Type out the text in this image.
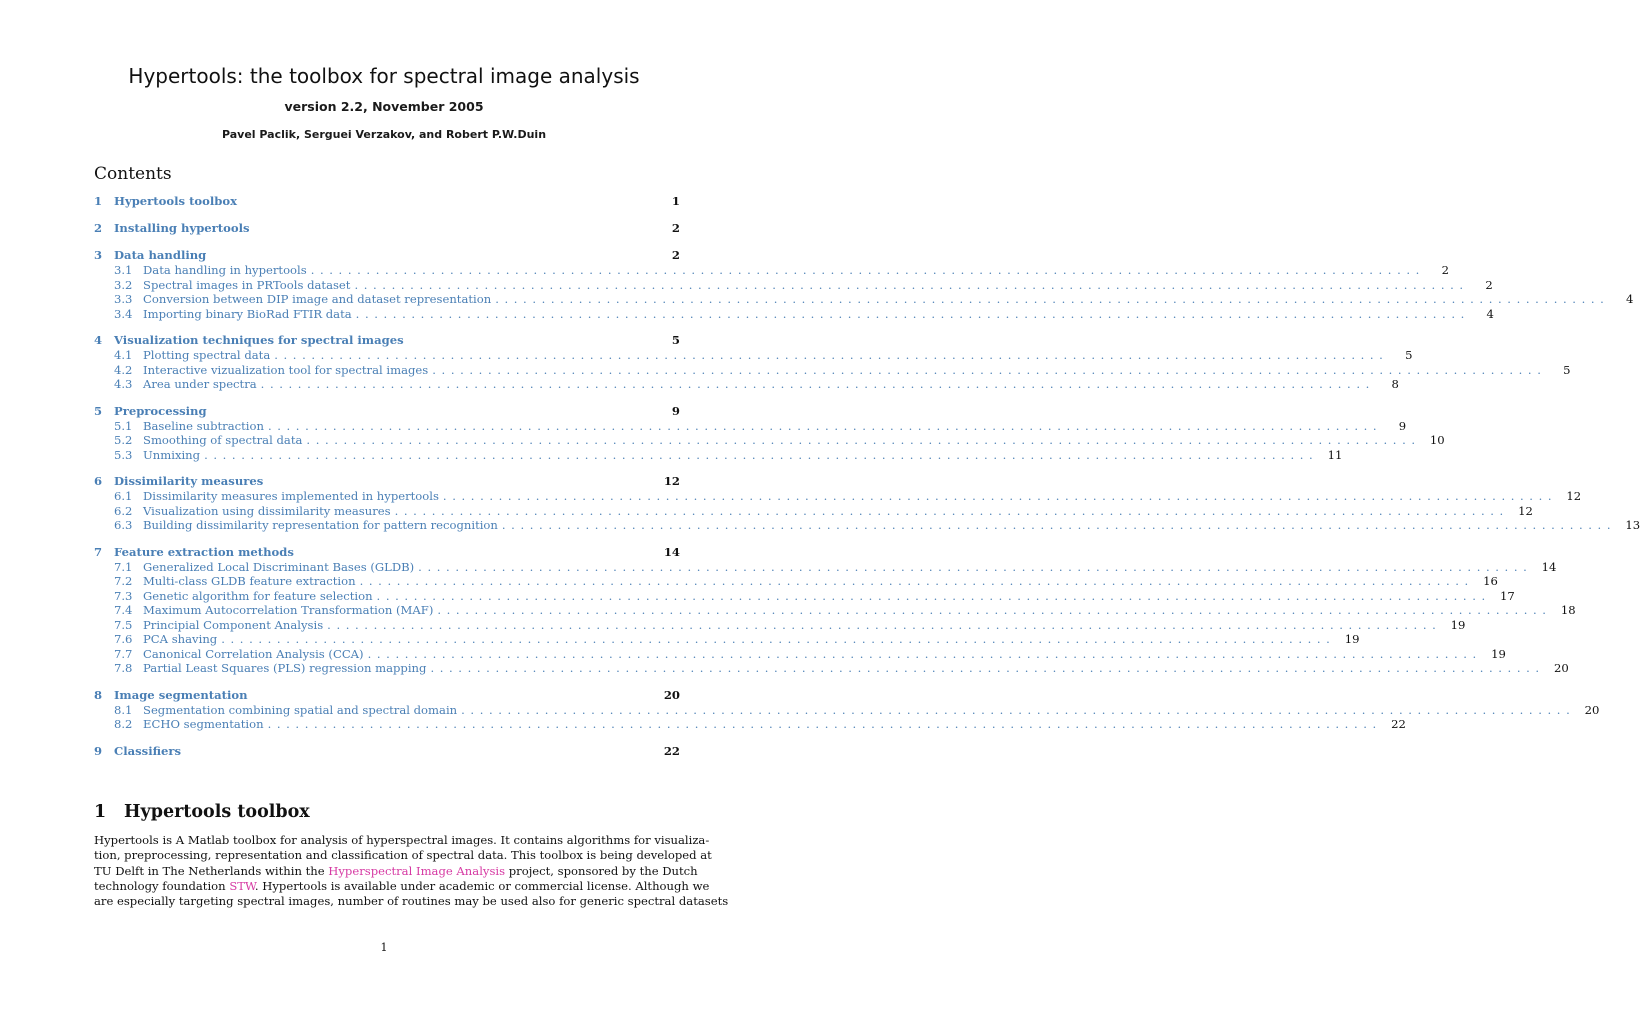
Hypertools: the toolbox for spectral image analysis
version 2.2, November 2005
Pavel Paclik, Serguei Verzakov, and Robert P.W.Duin
Contents
1	Hypertools toolbox	1
2	Installing hypertools	2
3	Data handling	2
3.1 Data handling in hypertools ........................................................................................................................	2
3.2 Spectral images in PRTools dataset ........................................................................................................................	2
3.3 Conversion between DIP image and dataset representation ........................................................................................................................	4
3.4 Importing binary BioRad FTIR data ........................................................................................................................	4
4	Visualization techniques for spectral images	5
4.1 Plotting spectral data ........................................................................................................................	5
4.2 Interactive vizualization tool for spectral images ........................................................................................................................	5
4.3 Area under spectra ........................................................................................................................	8
5	Preprocessing	9
5.1 Baseline subtraction ........................................................................................................................	9
5.2 Smoothing of spectral data ........................................................................................................................ 10
5.3 Unmixing ........................................................................................................................ 11
6	Dissimilarity measures	12
6.1 Dissimilarity measures implemented in hypertools ........................................................................................................................ 12
6.2 Visualization using dissimilarity measures ........................................................................................................................ 12
6.3 Building dissimilarity representation for pattern recognition ........................................................................................................................ 13
7	Feature extraction methods	14
7.1 Generalized Local Discriminant Bases (GLDB) ........................................................................................................................ 14
7.2 Multi-class GLDB feature extraction ........................................................................................................................ 16
7.3 Genetic algorithm for feature selection ........................................................................................................................ 17
7.4 Maximum Autocorrelation Transformation (MAF) ........................................................................................................................ 18
7.5 Principial Component Analysis ........................................................................................................................ 19
7.6 PCA shaving ........................................................................................................................ 19
7.7 Canonical Correlation Analysis (CCA) ........................................................................................................................ 19
7.8 Partial Least Squares (PLS) regression mapping ........................................................................................................................ 20
8	Image segmentation	20
8.1 Segmentation combining spatial and spectral domain ........................................................................................................................ 20
8.2 ECHO segmentation ........................................................................................................................ 22
9	Classifiers	22
1 Hypertools toolbox
Hypertools is A Matlab toolbox for analysis of hyperspectral images. It contains algorithms for visualiza-
tion, preprocessing, representation and classification of spectral data. This toolbox is being developed at
TU Delft in The Netherlands within the Hyperspectral Image Analysis project, sponsored by the Dutch
technology foundation STW. Hypertools is available under academic or commercial license. Although we
are especially targeting spectral images, number of routines may be used also for generic spectral datasets
1
